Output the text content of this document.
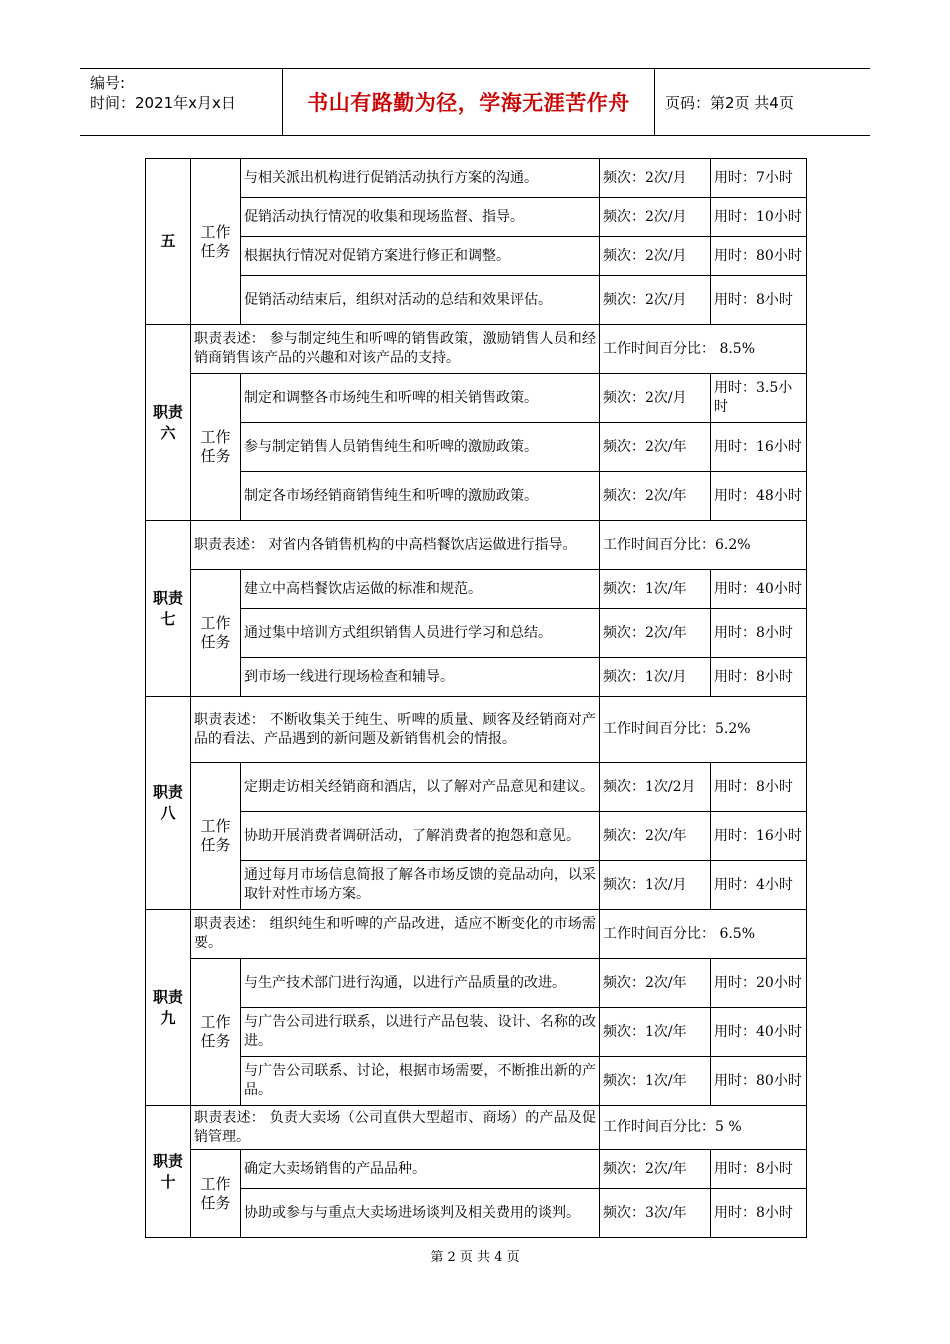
编号:
时间：2021年x月x日	书山有路勤为径，学海无涯苦作舟	页码：第2页 共4页
五	工作任务	与相关派出机构进行促销活动执行方案的沟通。	频次：2次/月	用时：7小时
		促销活动执行情况的收集和现场监督、指导。	频次：2次/月	用时：10小时
		根据执行情况对促销方案进行修正和调整。	频次：2次/月	用时：80小时
		促销活动结束后，组织对活动的总结和效果评估。	频次：2次/月	用时：8小时
职责六	职责表述： 参与制定纯生和听啤的销售政策，激励销售人员和经销商销售该产品的兴趣和对该产品的支持。		工作时间百分比： 8.5%	
	工作任务	制定和调整各市场纯生和听啤的相关销售政策。	频次：2次/月	用时：3.5小时
		参与制定销售人员销售纯生和听啤的激励政策。	频次：2次/年	用时：16小时
		制定各市场经销商销售纯生和听啤的激励政策。	频次：2次/年	用时：48小时
职责七	职责表述： 对省内各销售机构的中高档餐饮店运做进行指导。		工作时间百分比：6.2%	
	工作任务	建立中高档餐饮店运做的标准和规范。	频次：1次/年	用时：40小时
		通过集中培训方式组织销售人员进行学习和总结。	频次：2次/年	用时：8小时
		到市场一线进行现场检查和辅导。	频次：1次/月	用时：8小时
职责八	职责表述： 不断收集关于纯生、听啤的质量、顾客及经销商对产品的看法、产品遇到的新问题及新销售机会的情报。		工作时间百分比：5.2%	
	工作任务	定期走访相关经销商和酒店，以了解对产品意见和建议。	频次：1次/2月	用时：8小时
		协助开展消费者调研活动，了解消费者的抱怨和意见。	频次：2次/年	用时：16小时
		通过每月市场信息简报了解各市场反馈的竞品动向，以采取针对性市场方案。	频次：1次/月	用时：4小时
职责九	职责表述： 组织纯生和听啤的产品改进，适应不断变化的市场需要。		工作时间百分比： 6.5%	
	工作任务	与生产技术部门进行沟通，以进行产品质量的改进。	频次：2次/年	用时：20小时
		与广告公司进行联系，以进行产品包装、设计、名称的改进。	频次：1次/年	用时：40小时
		与广告公司联系、讨论，根据市场需要，不断推出新的产品。	频次：1次/年	用时：80小时
职责十	职责表述： 负责大卖场（公司直供大型超市、商场）的产品及促销管理。		工作时间百分比：5 %	
	工作任务	确定大卖场销售的产品品种。	频次：2次/年	用时：8小时
		协助或参与与重点大卖场进场谈判及相关费用的谈判。	频次：3次/年	用时：8小时
第 2 页 共 4 页
